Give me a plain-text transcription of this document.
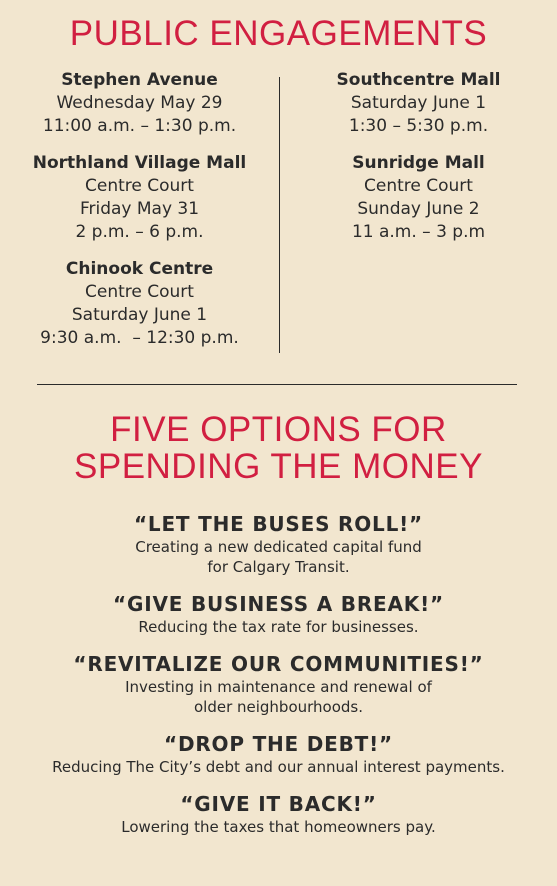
PUBLIC ENGAGEMENTS
Stephen Avenue
Wednesday May 29
11:00 a.m. – 1:30 p.m.
Northland Village Mall
Centre Court
Friday May 31
2 p.m. – 6 p.m.
Chinook Centre
Centre Court
Saturday June 1
9:30 a.m.  – 12:30 p.m.
Southcentre Mall
Saturday June 1
1:30 – 5:30 p.m.
Sunridge Mall
Centre Court
Sunday June 2
11 a.m. – 3 p.m
FIVE OPTIONS FOR
SPENDING THE MONEY
“LET THE BUSES ROLL!”
Creating a new dedicated capital fund
for Calgary Transit.
“GIVE BUSINESS A BREAK!”
Reducing the tax rate for businesses.
“REVITALIZE OUR COMMUNITIES!”
Investing in maintenance and renewal of
older neighbourhoods.
“DROP THE DEBT!”
Reducing The City’s debt and our annual interest payments.
“GIVE IT BACK!”
Lowering the taxes that homeowners pay.
